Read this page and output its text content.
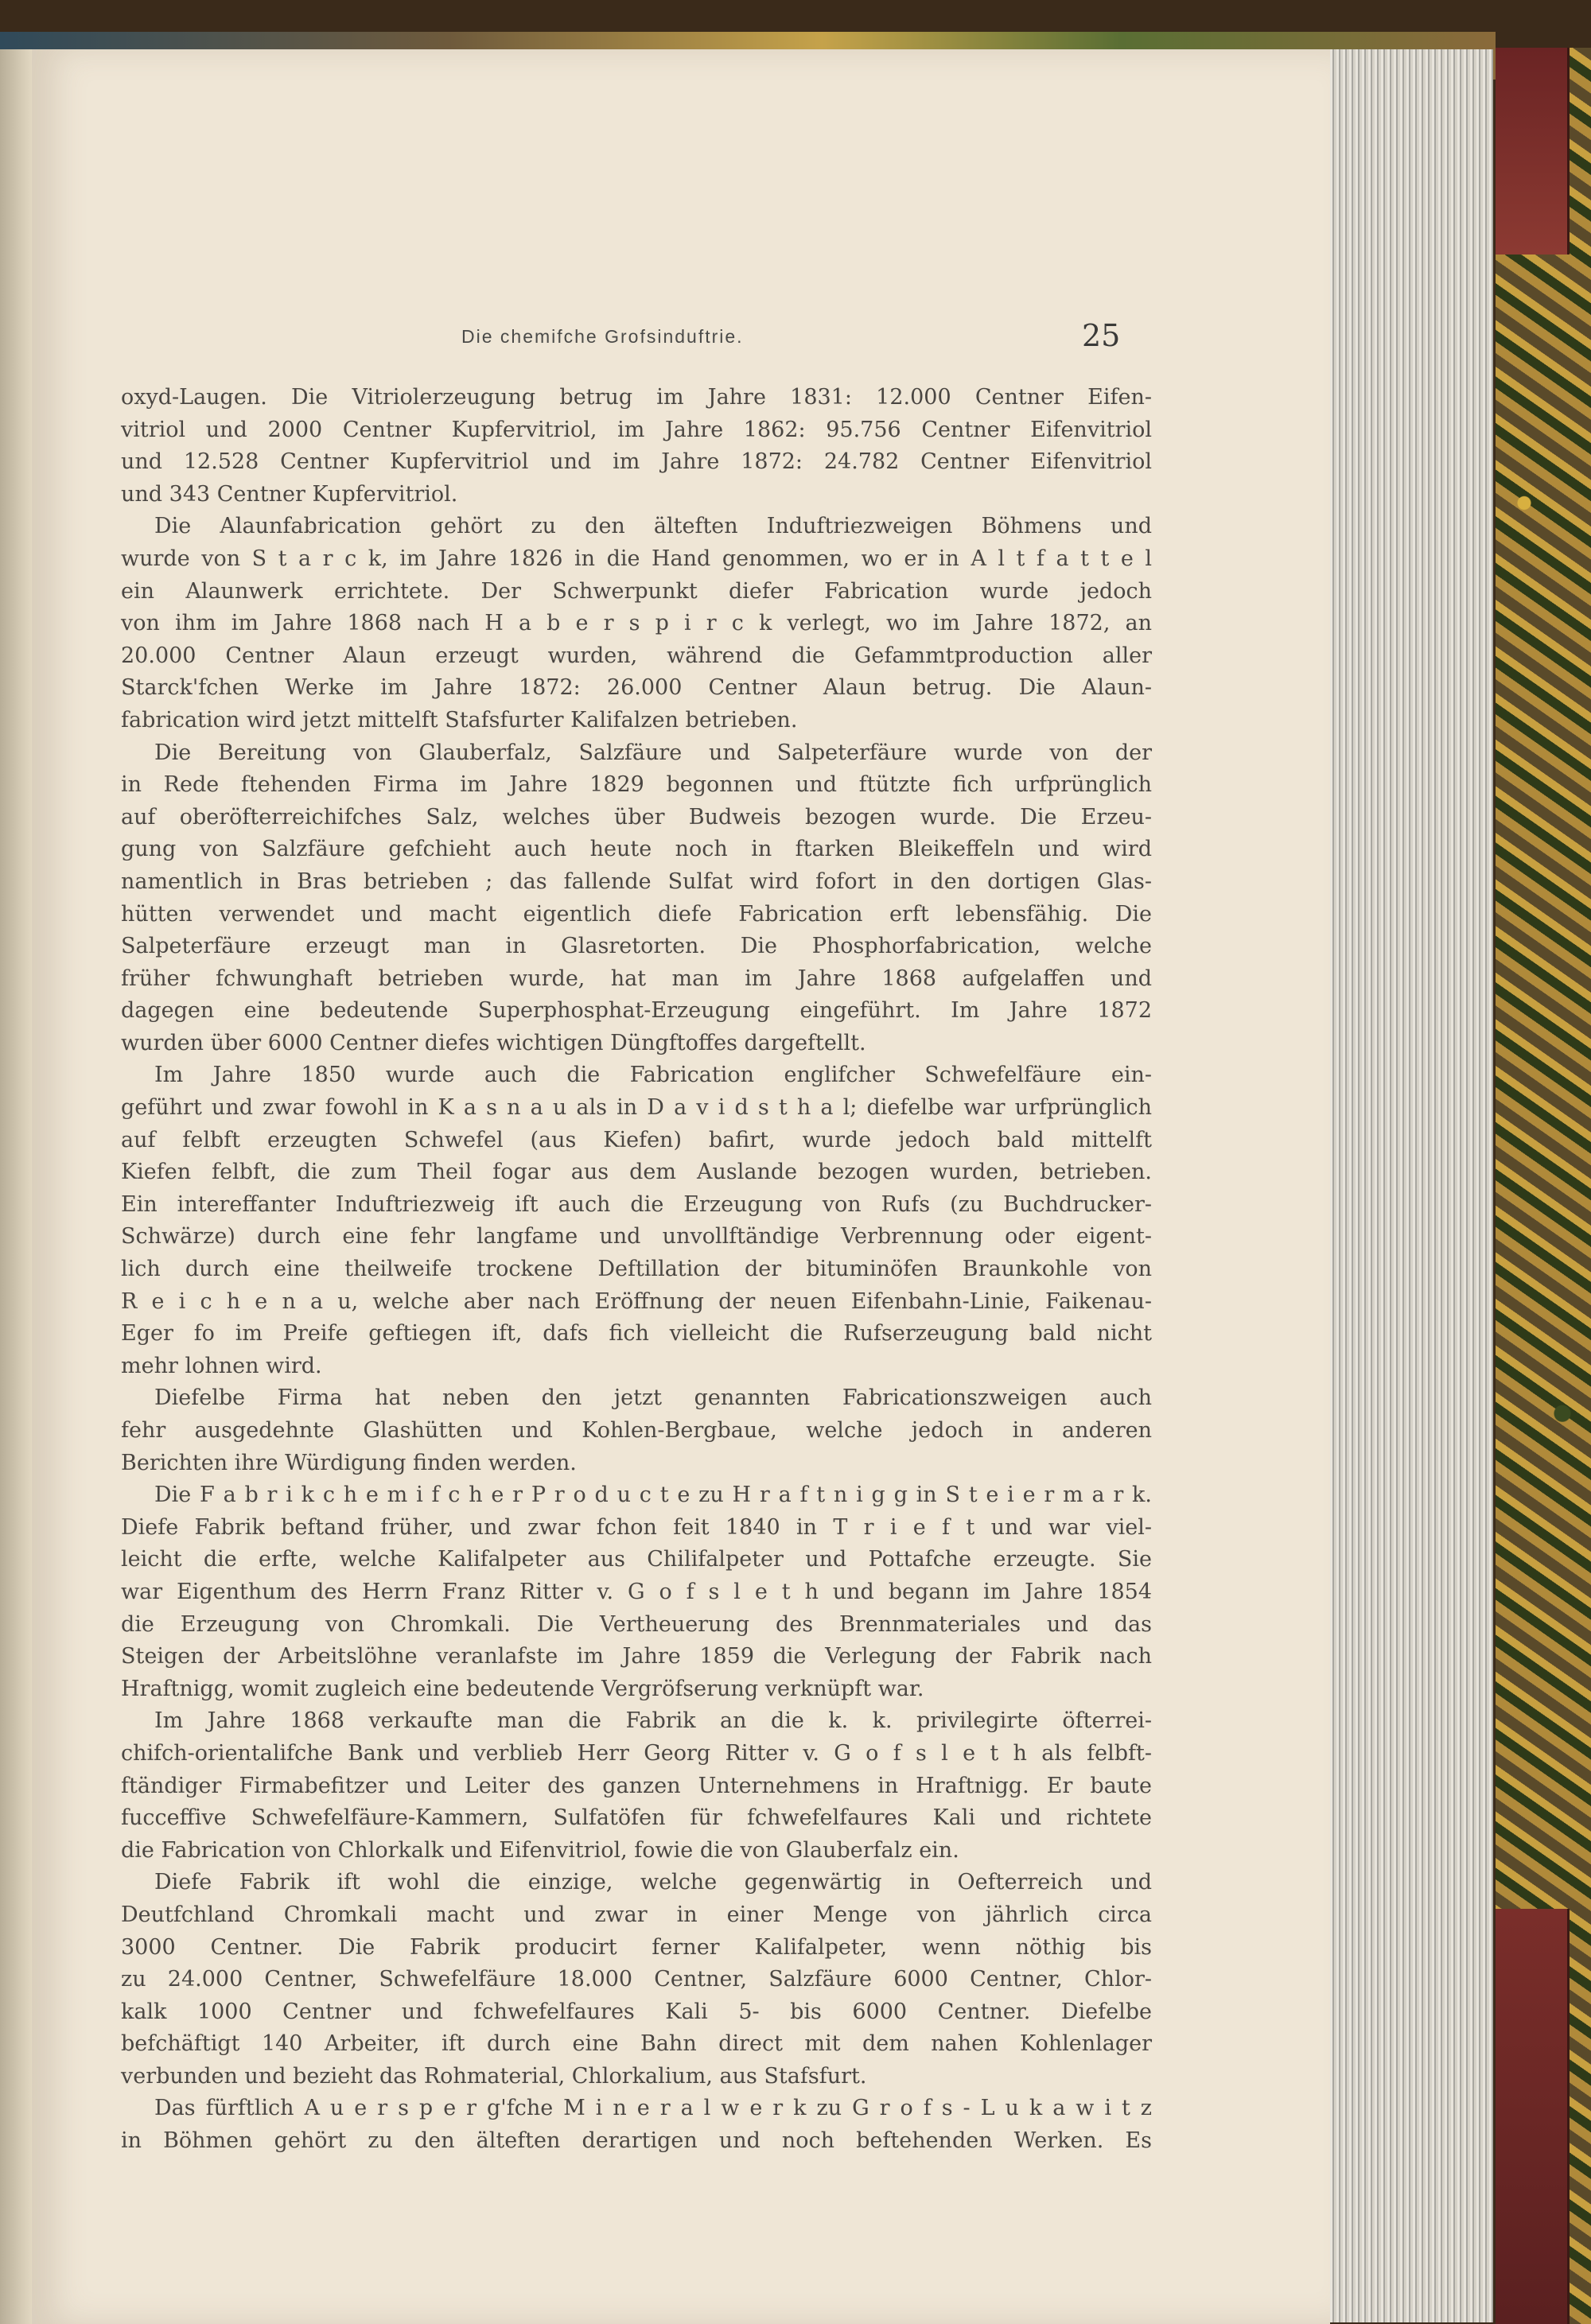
Die chemifche Grofsinduftrie.	25
oxyd-Laugen. Die Vitriolerzeugung betrug im Jahre 1831: 12.000 Centner Eifen-
vitriol und 2000 Centner Kupfervitriol, im Jahre 1862: 95.756 Centner Eifenvitriol
und 12.528 Centner Kupfervitriol und im Jahre 1872: 24.782 Centner Eifenvitriol
und 343 Centner Kupfervitriol.
Die Alaunfabrication gehört zu den älteften Induftriezweigen Böhmens und
wurde von S t a r c k, im Jahre 1826 in die Hand genommen, wo er in A l t f a t t e l
ein Alaunwerk errichtete. Der Schwerpunkt diefer Fabrication wurde jedoch
von ihm im Jahre 1868 nach H a b e r s p i r c k verlegt, wo im Jahre 1872, an
20.000 Centner Alaun erzeugt wurden, während die Gefammtproduction aller
Starck'fchen Werke im Jahre 1872: 26.000 Centner Alaun betrug. Die Alaun-
fabrication wird jetzt mittelft Stafsfurter Kalifalzen betrieben.
Die Bereitung von Glauberfalz, Salzfäure und Salpeterfäure wurde von der
in Rede ftehenden Firma im Jahre 1829 begonnen und ftützte fich urfprünglich
auf oberöfterreichifches Salz, welches über Budweis bezogen wurde. Die Erzeu-
gung von Salzfäure gefchieht auch heute noch in ftarken Bleikeffeln und wird
namentlich in Bras betrieben ; das fallende Sulfat wird fofort in den dortigen Glas-
hütten verwendet und macht eigentlich diefe Fabrication erft lebensfähig. Die
Salpeterfäure erzeugt man in Glasretorten. Die Phosphorfabrication, welche
früher fchwunghaft betrieben wurde, hat man im Jahre 1868 aufgelaffen und
dagegen eine bedeutende Superphosphat-Erzeugung eingeführt. Im Jahre 1872
wurden über 6000 Centner diefes wichtigen Düngftoffes dargeftellt.
Im Jahre 1850 wurde auch die Fabrication englifcher Schwefelfäure ein-
geführt und zwar fowohl in K a s n a u als in D a v i d s t h a l; diefelbe war urfprünglich
auf felbft erzeugten Schwefel (aus Kiefen) bafirt, wurde jedoch bald mittelft
Kiefen felbft, die zum Theil fogar aus dem Auslande bezogen wurden, betrieben.
Ein intereffanter Induftriezweig ift auch die Erzeugung von Rufs (zu Buchdrucker-
Schwärze) durch eine fehr langfame und unvollftändige Verbrennung oder eigent-
lich durch eine theilweife trockene Deftillation der bituminöfen Braunkohle von
R e i c h e n a u, welche aber nach Eröffnung der neuen Eifenbahn-Linie, Faikenau-
Eger fo im Preife geftiegen ift, dafs fich vielleicht die Rufserzeugung bald nicht
mehr lohnen wird.
Diefelbe Firma hat neben den jetzt genannten Fabricationszweigen auch
fehr ausgedehnte Glashütten und Kohlen-Bergbaue, welche jedoch in anderen
Berichten ihre Würdigung finden werden.
Die F a b r i k c h e m i f c h e r P r o d u c t e zu H r a f t n i g g in S t e i e r m a r k.
Diefe Fabrik beftand früher, und zwar fchon feit 1840 in T r i e f t und war viel-
leicht die erfte, welche Kalifalpeter aus Chilifalpeter und Pottafche erzeugte. Sie
war Eigenthum des Herrn Franz Ritter v. G o f s l e t h und begann im Jahre 1854
die Erzeugung von Chromkali. Die Vertheuerung des Brennmateriales und das
Steigen der Arbeitslöhne veranlafste im Jahre 1859 die Verlegung der Fabrik nach
Hraftnigg, womit zugleich eine bedeutende Vergröfserung verknüpft war.
Im Jahre 1868 verkaufte man die Fabrik an die k. k. privilegirte öfterrei-
chifch-orientalifche Bank und verblieb Herr Georg Ritter v. G o f s l e t h als felbft-
ftändiger Firmabefitzer und Leiter des ganzen Unternehmens in Hraftnigg. Er baute
fucceffive Schwefelfäure-Kammern, Sulfatöfen für fchwefelfaures Kali und richtete
die Fabrication von Chlorkalk und Eifenvitriol, fowie die von Glauberfalz ein.
Diefe Fabrik ift wohl die einzige, welche gegenwärtig in Oefterreich und
Deutfchland Chromkali macht und zwar in einer Menge von jährlich circa
3000 Centner. Die Fabrik producirt ferner Kalifalpeter, wenn nöthig bis
zu 24.000 Centner, Schwefelfäure 18.000 Centner, Salzfäure 6000 Centner, Chlor-
kalk 1000 Centner und fchwefelfaures Kali 5- bis 6000 Centner. Diefelbe
befchäftigt 140 Arbeiter, ift durch eine Bahn direct mit dem nahen Kohlenlager
verbunden und bezieht das Rohmaterial, Chlorkalium, aus Stafsfurt.
Das fürftlich A u e r s p e r g'fche M i n e r a l w e r k zu G r o f s - L u k a w i t z
in Böhmen gehört zu den älteften derartigen und noch beftehenden Werken. Es
